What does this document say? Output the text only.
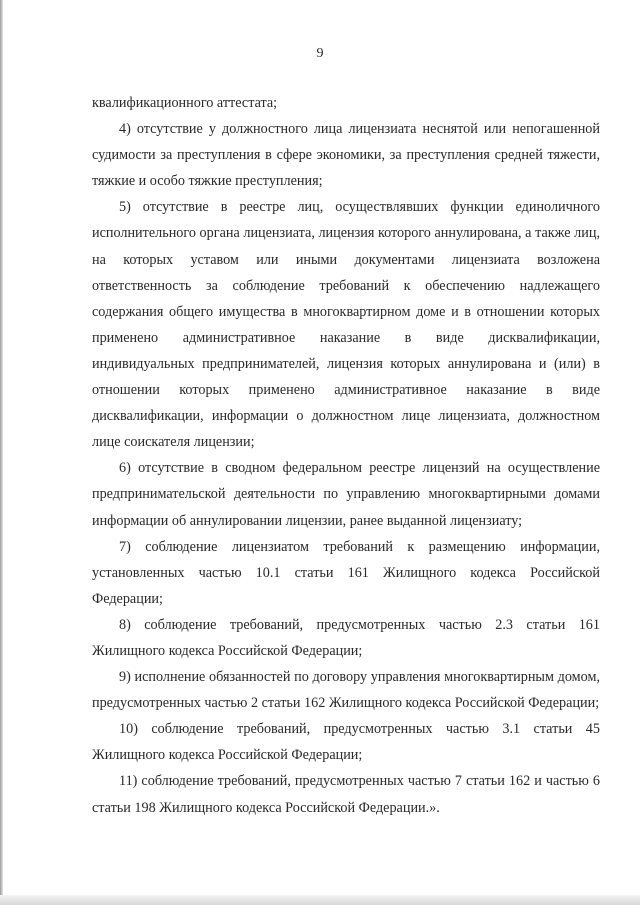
9

квалификационного аттестата;

4) отсутствие у должностного лица лицензиата неснятой или непогашенной судимости за преступления в сфере экономики, за преступления средней тяжести, тяжкие и особо тяжкие преступления;

5) отсутствие в реестре лиц, осуществлявших функции единоличного исполнительного органа лицензиата, лицензия которого аннулирована, а также лиц, на которых уставом или иными документами лицензиата возложена ответственность за соблюдение требований к обеспечению надлежащего содержания общего имущества в многоквартирном доме и в отношении которых применено административное наказание в виде дисквалификации, индивидуальных предпринимателей, лицензия которых аннулирована и (или) в отношении которых применено административное наказание в виде дисквалификации, информации о должностном лице лицензиата, должностном лице соискателя лицензии;

6) отсутствие в сводном федеральном реестре лицензий на осуществление предпринимательской деятельности по управлению многоквартирными домами информации об аннулировании лицензии, ранее выданной лицензиату;

7) соблюдение лицензиатом требований к размещению информации, установленных частью 10.1 статьи 161 Жилищного кодекса Российской Федерации;

8) соблюдение требований, предусмотренных частью 2.3 статьи 161 Жилищного кодекса Российской Федерации;

9) исполнение обязанностей по договору управления многоквартирным домом, предусмотренных частью 2 статьи 162 Жилищного кодекса Российской Федерации;

10) соблюдение требований, предусмотренных частью 3.1 статьи 45 Жилищного кодекса Российской Федерации;

11) соблюдение требований, предусмотренных частью 7 статьи 162 и частью 6 статьи 198 Жилищного кодекса Российской Федерации.».
